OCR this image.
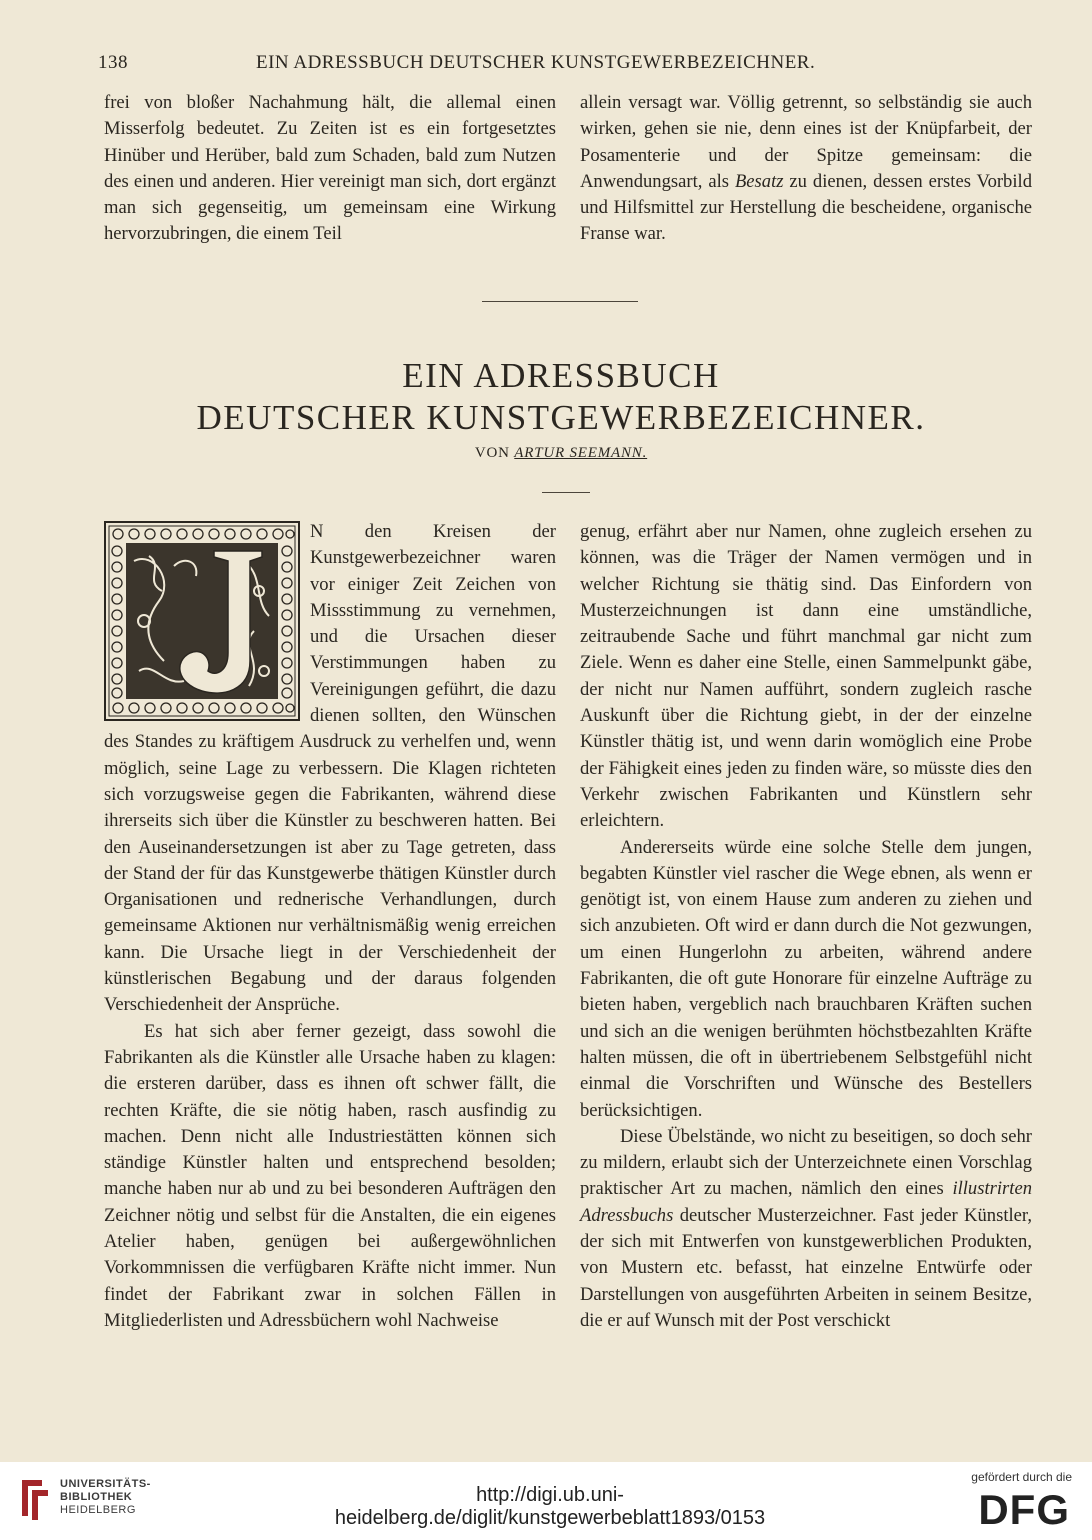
138	EIN ADRESSBUCH DEUTSCHER KUNSTGEWERBEZEICHNER.

frei von bloßer Nachahmung hält, die allemal einen Misserfolg bedeutet. Zu Zeiten ist es ein fortgesetztes Hinüber und Herüber, bald zum Schaden, bald zum Nutzen des einen und anderen. Hier vereinigt man sich, dort ergänzt man sich gegenseitig, um gemeinsam eine Wirkung hervorzubringen, die einem Teil

allein versagt war. Völlig getrennt, so selbständig sie auch wirken, gehen sie nie, denn eines ist der Knüpfarbeit, der Posamenterie und der Spitze gemeinsam: die Anwendungsart, als Besatz zu dienen, dessen erstes Vorbild und Hilfsmittel zur Herstellung die bescheidene, organische Franse war.

EIN ADRESSBUCH
DEUTSCHER KUNSTGEWERBEZEICHNER.
VON ARTUR SEEMANN.

N den Kreisen der Kunstgewerbezeichner waren vor einiger Zeit Zeichen von Missstimmung zu vernehmen, und die Ursachen dieser Verstimmungen haben zu Vereinigungen geführt, die dazu dienen sollten, den Wünschen des Standes zu kräftigem Ausdruck zu verhelfen und, wenn möglich, seine Lage zu verbessern. Die Klagen richteten sich vorzugsweise gegen die Fabrikanten, während diese ihrerseits sich über die Künstler zu beschweren hatten. Bei den Auseinandersetzungen ist aber zu Tage getreten, dass der Stand der für das Kunstgewerbe thätigen Künstler durch Organisationen und rednerische Verhandlungen, durch gemeinsame Aktionen nur verhältnismäßig wenig erreichen kann. Die Ursache liegt in der Verschiedenheit der künstlerischen Begabung und der daraus folgenden Verschiedenheit der Ansprüche.

Es hat sich aber ferner gezeigt, dass sowohl die Fabrikanten als die Künstler alle Ursache haben zu klagen: die ersteren darüber, dass es ihnen oft schwer fällt, die rechten Kräfte, die sie nötig haben, rasch ausfindig zu machen. Denn nicht alle Industriestätten können sich ständige Künstler halten und entsprechend besolden; manche haben nur ab und zu bei besonderen Aufträgen den Zeichner nötig und selbst für die Anstalten, die ein eigenes Atelier haben, genügen bei außergewöhnlichen Vorkommnissen die verfügbaren Kräfte nicht immer. Nun findet der Fabrikant zwar in solchen Fällen in Mitgliederlisten und Adressbüchern wohl Nachweise

genug, erfährt aber nur Namen, ohne zugleich ersehen zu können, was die Träger der Namen vermögen und in welcher Richtung sie thätig sind. Das Einfordern von Musterzeichnungen ist dann eine umständliche, zeitraubende Sache und führt manchmal gar nicht zum Ziele. Wenn es daher eine Stelle, einen Sammelpunkt gäbe, der nicht nur Namen aufführt, sondern zugleich rasche Auskunft über die Richtung giebt, in der der einzelne Künstler thätig ist, und wenn darin womöglich eine Probe der Fähigkeit eines jeden zu finden wäre, so müsste dies den Verkehr zwischen Fabrikanten und Künstlern sehr erleichtern.

Andererseits würde eine solche Stelle dem jungen, begabten Künstler viel rascher die Wege ebnen, als wenn er genötigt ist, von einem Hause zum anderen zu ziehen und sich anzubieten. Oft wird er dann durch die Not gezwungen, um einen Hungerlohn zu arbeiten, während andere Fabrikanten, die oft gute Honorare für einzelne Aufträge zu bieten haben, vergeblich nach brauchbaren Kräften suchen und sich an die wenigen berühmten höchstbezahlten Kräfte halten müssen, die oft in übertriebenem Selbstgefühl nicht einmal die Vorschriften und Wünsche des Bestellers berücksichtigen.

Diese Übelstände, wo nicht zu beseitigen, so doch sehr zu mildern, erlaubt sich der Unterzeichnete einen Vorschlag praktischer Art zu machen, nämlich den eines illustrirten Adressbuchs deutscher Musterzeichner. Fast jeder Künstler, der sich mit Entwerfen von kunstgewerblichen Produkten, von Mustern etc. befasst, hat einzelne Entwürfe oder Darstellungen von ausgeführten Arbeiten in seinem Besitze, die er auf Wunsch mit der Post verschickt

UNIVERSITÄTS-
BIBLIOTHEK
HEIDELBERG
http://digi.ub.uni-heidelberg.de/diglit/kunstgewerbeblatt1893/0153
gefördert durch die
DFG
